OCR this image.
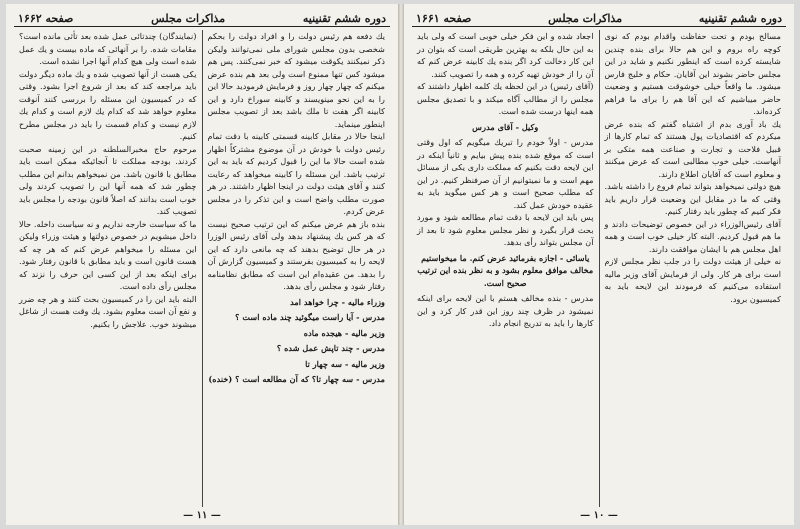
دوره ششم تقنینیه
مذاکرات مجلس
صفحه ۱۶۶۲

یك دفعه هم رئیس دولت را و افراد دولت را بحکم شخصی بدون مجلس شورای ملی نمی‌توانند ولیکن ذکر نمیکنند یکوقت میشود که خبر نمی‌کنند. پس هم میشود کس تنها ممنوع است ولی بعد هم بنده عرض میکنم که چهار چهار روز و فرمایش فرمودید حالا این را به این نحو مینویسند و کابینه سوراخ دارد و این کابینه اگر هفت تا ملك باشد بعد از تصویب مجلس اینطور مینماید.

اینجا حالا در مقابل کابینه قسمتی کابینه با دقت تمام رئیس دولت با خودش در آن موضوع مشترکاً اظهار شده است حالا ما این را قبول کردیم که باید به این ترتیب باشد. این مسئله را کابینه میخواهد که رعایت کنند و آقای هیئت دولت در اینجا اظهار داشتند. در هر صورت مطلب واضح است و این تذکر را در مجلس عرض کردم.

بنده باز هم عرض میکنم که این ترتیب صحیح نیست که هر کس یك پیشنهاد بدهد ولی آقای رئیس الوزرا در هر حال توضیح بدهند که چه مانعی دارد که این لایحه را به کمیسیون بفرستند و کمیسیون گزارش آن را بدهد. من عقیده‌ام این است که مطابق نظامنامه رفتار شود و مجلس رأی بدهد.

وزراء مالیه - چرا خواهد امد
مدرس - آیا راست میگوئید چند ماده است ؟
وزیر مالیه - هیجده ماده
مدرس - چند تاپش عمل شده ؟
وزیر مالیه - سه چهار تا
مدرس - سه چهار تا؟ که آن مطالعه است ؟ (خنده)

(نمایندگان) چندتائی عمل شده بعد تأثی مانده است؟ مقامات شده. را بر آنهائی که ماده بیست و یك عمل شده است ولی هیچ کدام آنها اجرا نشده است.

یکی هست از آنها تصویب شده و یك ماده دیگر دولت باید مراجعه کند که بعد از شروع اجرا بشود. وقتی که در کمیسیون این مسئله را بررسی کنند آنوقت معلوم خواهد شد که کدام یك لازم است و کدام یك لازم نیست و کدام قسمت را باید در مجلس مطرح کنیم.

مرحوم حاج مخبرالسلطنه در این زمینه صحبت کردند. بودجه مملکت تا آنجائیکه ممکن است باید مطابق با قانون باشد. من نمیخواهم بدانم این مطلب چطور شد که همه آنها این را تصویب کردند ولی خوب است بدانند که اصلاً قانون بودجه را مجلس باید تصویب کند.

ما که سیاست خارجه نداریم و نه سیاست داخله. حالا داخل میشویم در خصوص دولتها و هیئت وزراء ولیکن این مسئله را میخواهم عرض کنم که هر چه که هست قانون است و باید مطابق با قانون رفتار شود. برای اینکه بعد از این کسی این حرف را نزند که مجلس رأی داده است.

البته باید این را در کمیسیون بحث کنند و هر چه ضرر و نفع آن است معلوم بشود. یك وقت هست از شاغل میشوند خوب. علاجش را بکنیم.

— ۱۱ —
دوره ششم تقنینیه
مذاکرات مجلس
صفحه ۱۶۶۱

مسالح بودم و تحت حفاظت واقدام بودم که نوی کوچه راه بروم و این هم حالا برای بنده چندین شایسته کرده است که اینطور نکنیم و شاید در این مجلس حاضر بشوند این آقایان. حکام و خلیج فارس میشود. ما واقعاً خیلی خوشوقت هستیم و وضعیت حاضر میباشیم که این آقا هم را برای ما فراهم کرده‌اند.

یك باد آوری بدم از اشتباه گفتم که بنده عرض میکردم که اقتصادیات پول هستند که تمام کارها از قبیل فلاحت و تجارت و صناعت همه متکی بر آنهاست. خیلی خوب مطالبی است که عرض میکنند و معلوم است که آقایان اطلاع دارند.

هیچ دولتی نمیخواهد بتواند تمام فروع را داشته باشد. وقتی که ما در مقابل این وضعیت قرار داریم باید فکر کنیم که چطور باید رفتار کنیم.

آقای رئیس‌الوزراء در این خصوص توضیحات دادند و ما هم قبول کردیم. البته کار خیلی خوب است و همه اهل مجلس هم با ایشان موافقت دارند.

نه خیلی از هیئت دولت را در جلب نظر مجلس لازم است برای هر کار. ولی از فرمایش آقای وزیر مالیه استفاده می‌کنیم که فرمودند این لایحه باید به کمیسیون برود.

اجعاد شده و این فکر خیلی خوبی است که ولی باید به این حال بلکه به بهترین طریقی است که بتوان در این کار دخالت کرد اگر بنده یك کابینه عرض کنم که آن را از خودش تهیه کرده و همه را تصویب کنند.

(آقای رئیس) در این لحظه یك کلمه اظهار داشتند که مجلس را از مطالب آگاه میکند و با تصدیق مجلس همه اینها درست شده است.

وکیل - آقای مدرس

مدرس - اولاً خودم را تبریك میگویم که اول وقتی است که موقع شده بنده پیش بیایم و ثانیاً اینکه در این لایحه دقت بکنیم که مملکت داری یکی از مسائل مهم است و ما نمیتوانیم از آن صرفنظر کنیم. در این که مطلب صحیح است و هر کس میگوید باید به عقیده خودش عمل کند.

پس باید این لایحه با دقت تمام مطالعه شود و مورد بحث قرار بگیرد و نظر مجلس معلوم شود تا بعد از آن مجلس بتواند رأی بدهد.

یاسائی - اجازه بفرمائید عرض کنم. ما میخواستیم مخالف موافق معلوم بشود و به نظر بنده این ترتیب صحیح است.

مدرس - بنده مخالف هستم با این لایحه برای اینکه نمیشود در ظرف چند روز این قدر کار کرد و این کارها را باید به تدریج انجام داد.

— ۱۰ —
